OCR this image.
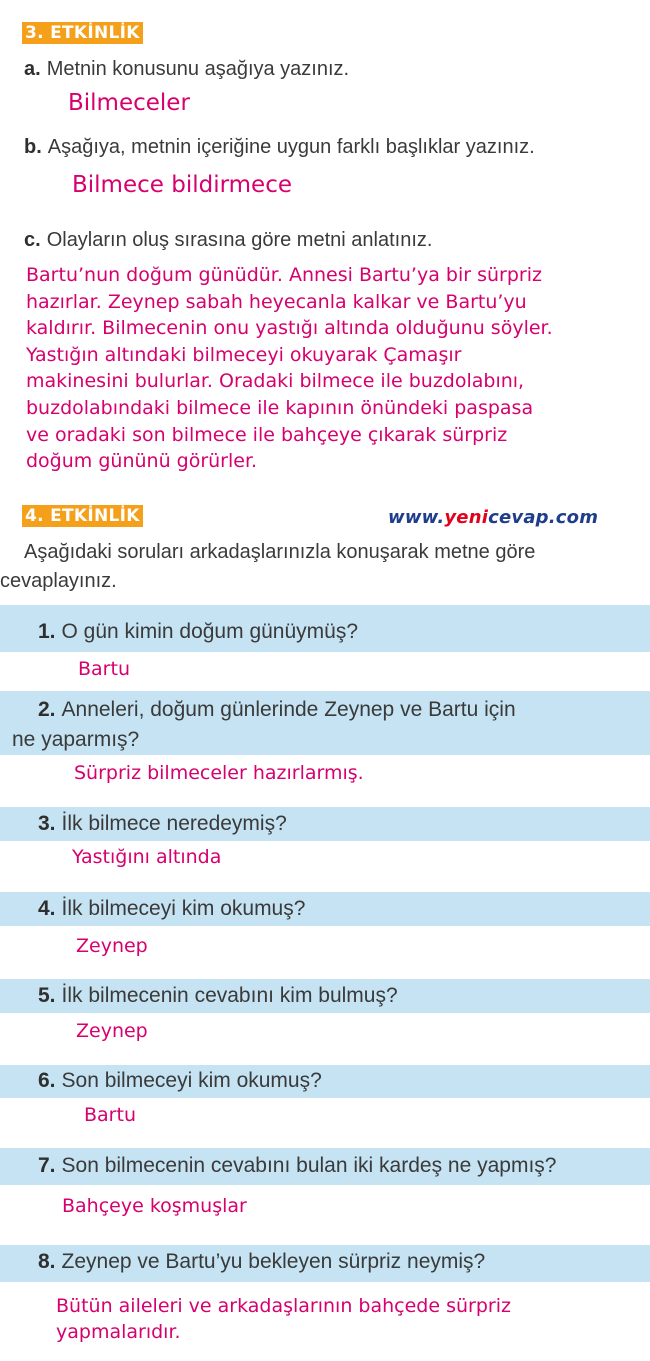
3. ETKİNLİK
a. Metnin konusunu aşağıya yazınız.
Bilmeceler
b. Aşağıya, metnin içeriğine uygun farklı başlıklar yazınız.
Bilmece bildirmece
c. Olayların oluş sırasına göre metni anlatınız.
Bartu’nun doğum günüdür. Annesi Bartu’ya bir sürpriz
hazırlar. Zeynep sabah heyecanla kalkar ve Bartu’yu
kaldırır. Bilmecenin onu yastığı altında olduğunu söyler.
Yastığın altındaki bilmeceyi okuyarak Çamaşır
makinesini bulurlar. Oradaki bilmece ile buzdolabını,
buzdolabındaki bilmece ile kapının önündeki paspasa
ve oradaki son bilmece ile bahçeye çıkarak sürpriz
doğum gününü görürler.
4. ETKİNLİK	www.yenicevap.com
Aşağıdaki soruları arkadaşlarınızla konuşarak metne göre
cevaplayınız.
1. O gün kimin doğum günüymüş?
Bartu
2. Anneleri, doğum günlerinde Zeynep ve Bartu için
ne yaparmış?
Sürpriz bilmeceler hazırlarmış.
3. İlk bilmece neredeymiş?
Yastığını altında
4. İlk bilmeceyi kim okumuş?
Zeynep
5. İlk bilmecenin cevabını kim bulmuş?
Zeynep
6. Son bilmeceyi kim okumuş?
Bartu
7. Son bilmecenin cevabını bulan iki kardeş ne yapmış?
Bahçeye koşmuşlar
8. Zeynep ve Bartu’yu bekleyen sürpriz neymiş?
Bütün aileleri ve arkadaşlarının bahçede sürpriz
yapmalarıdır.
